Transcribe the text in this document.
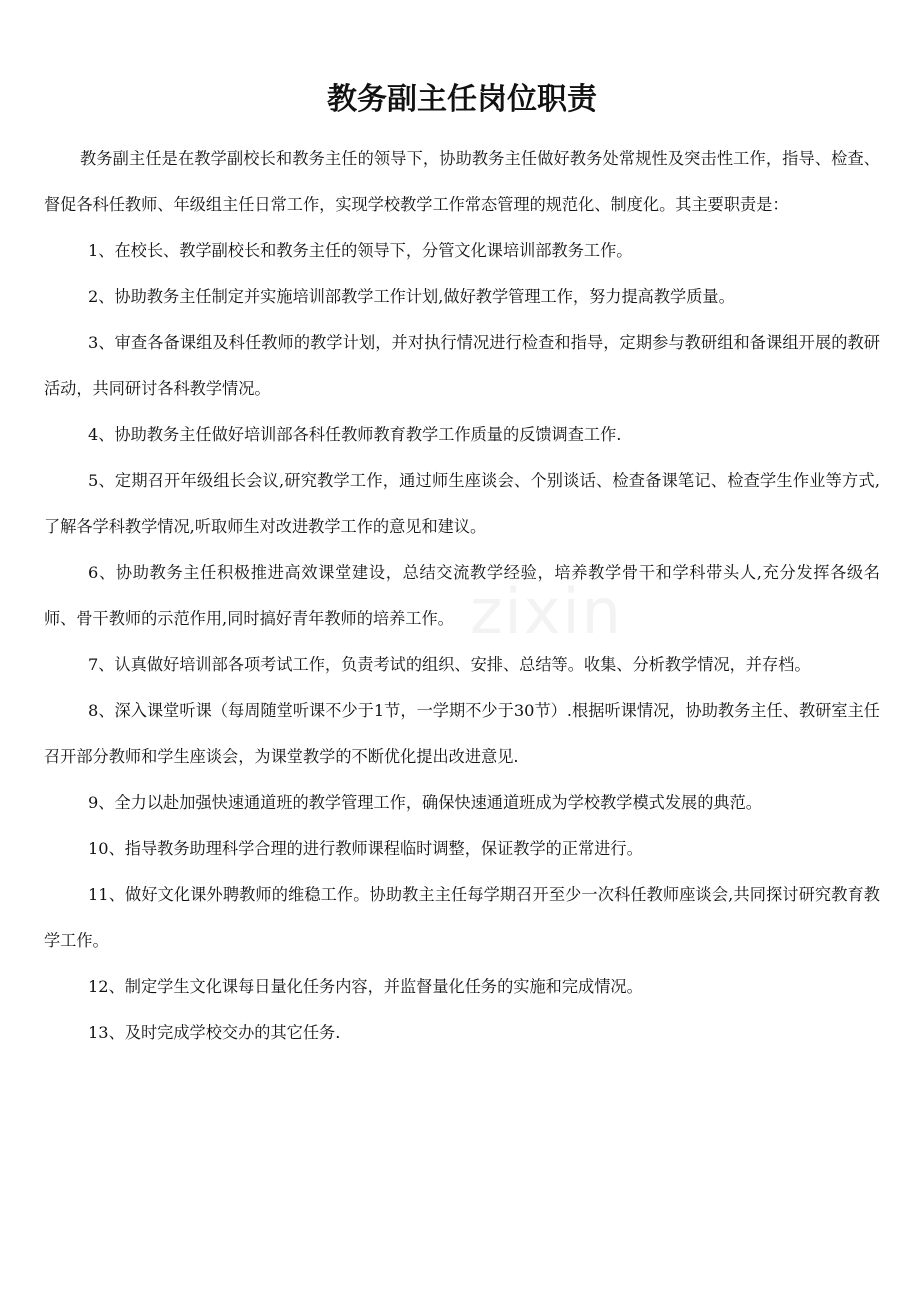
教务副主任岗位职责

教务副主任是在教学副校长和教务主任的领导下，协助教务主任做好教务处常规性及突击性工作，指导、检查、督促各科任教师、年级组主任日常工作，实现学校教学工作常态管理的规范化、制度化。其主要职责是：

1、在校长、教学副校长和教务主任的领导下，分管文化课培训部教务工作。

2、协助教务主任制定并实施培训部教学工作计划,做好教学管理工作，努力提高教学质量。

3、审查各备课组及科任教师的教学计划，并对执行情况进行检查和指导，定期参与教研组和备课组开展的教研活动，共同研讨各科教学情况。

4、协助教务主任做好培训部各科任教师教育教学工作质量的反馈调查工作.

5、定期召开年级组长会议,研究教学工作，通过师生座谈会、个别谈话、检查备课笔记、检查学生作业等方式,了解各学科教学情况,听取师生对改进教学工作的意见和建议。

6、协助教务主任积极推进高效课堂建设，总结交流教学经验，培养教学骨干和学科带头人,充分发挥各级名师、骨干教师的示范作用,同时搞好青年教师的培养工作。

7、认真做好培训部各项考试工作，负责考试的组织、安排、总结等。收集、分析教学情况，并存档。

8、深入课堂听课（每周随堂听课不少于1节，一学期不少于30节）.根据听课情况，协助教务主任、教研室主任召开部分教师和学生座谈会，为课堂教学的不断优化提出改进意见.

9、全力以赴加强快速通道班的教学管理工作，确保快速通道班成为学校教学模式发展的典范。

10、指导教务助理科学合理的进行教师课程临时调整，保证教学的正常进行。

11、做好文化课外聘教师的维稳工作。协助教主主任每学期召开至少一次科任教师座谈会,共同探讨研究教育教学工作。

12、制定学生文化课每日量化任务内容，并监督量化任务的实施和完成情况。

13、及时完成学校交办的其它任务.

zixin
